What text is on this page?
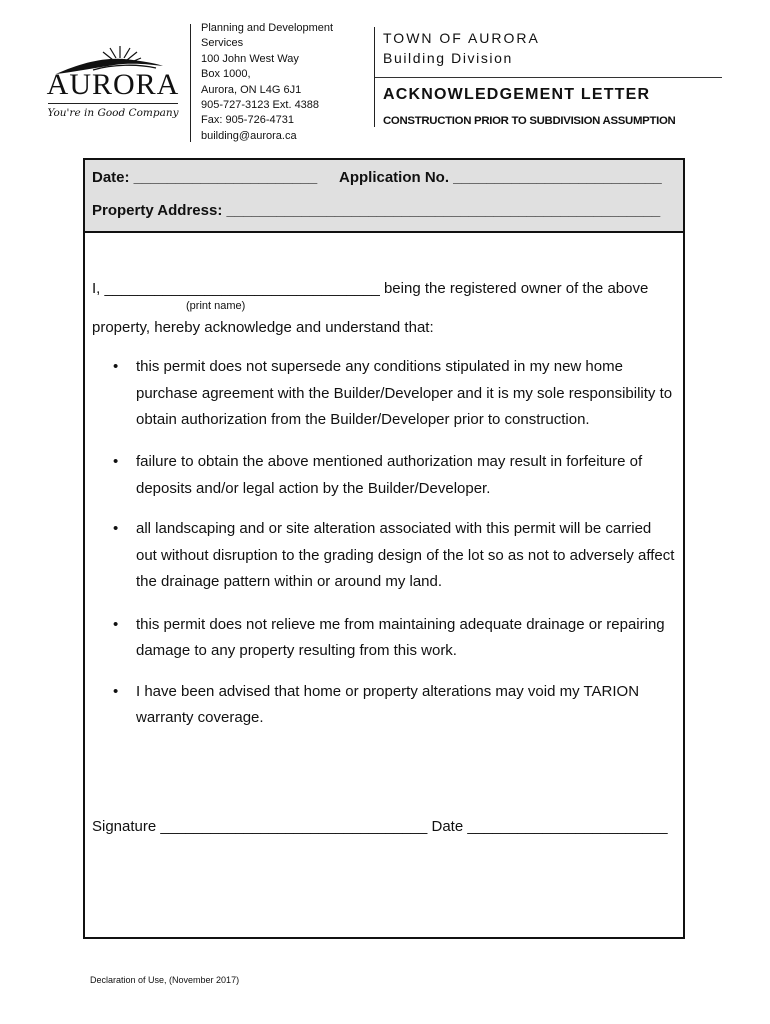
AURORA
You're in Good Company
Planning and Development
Services
100 John West Way
Box 1000,
Aurora, ON L4G 6J1
905-727-3123 Ext. 4388
Fax: 905-726-4731
building@aurora.ca
TOWN OF AURORA
Building Division
ACKNOWLEDGEMENT LETTER
CONSTRUCTION PRIOR TO SUBDIVISION ASSUMPTION
Date: ______________________ Application No. _________________________
Property Address: ____________________________________________________
I, _________________________________ being the registered owner of the above
(print name)
property, hereby acknowledge and understand that:
• this permit does not supersede any conditions stipulated in my new home
purchase agreement with the Builder/Developer and it is my sole responsibility to
obtain authorization from the Builder/Developer prior to construction.
• failure to obtain the above mentioned authorization may result in forfeiture of
deposits and/or legal action by the Builder/Developer.
• all landscaping and or site alteration associated with this permit will be carried
out without disruption to the grading design of the lot so as not to adversely affect
the drainage pattern within or around my land.
• this permit does not relieve me from maintaining adequate drainage or repairing
damage to any property resulting from this work.
• I have been advised that home or property alterations may void my TARION
warranty coverage.
Signature ________________________________ Date ________________________
Declaration of Use, (November 2017)
